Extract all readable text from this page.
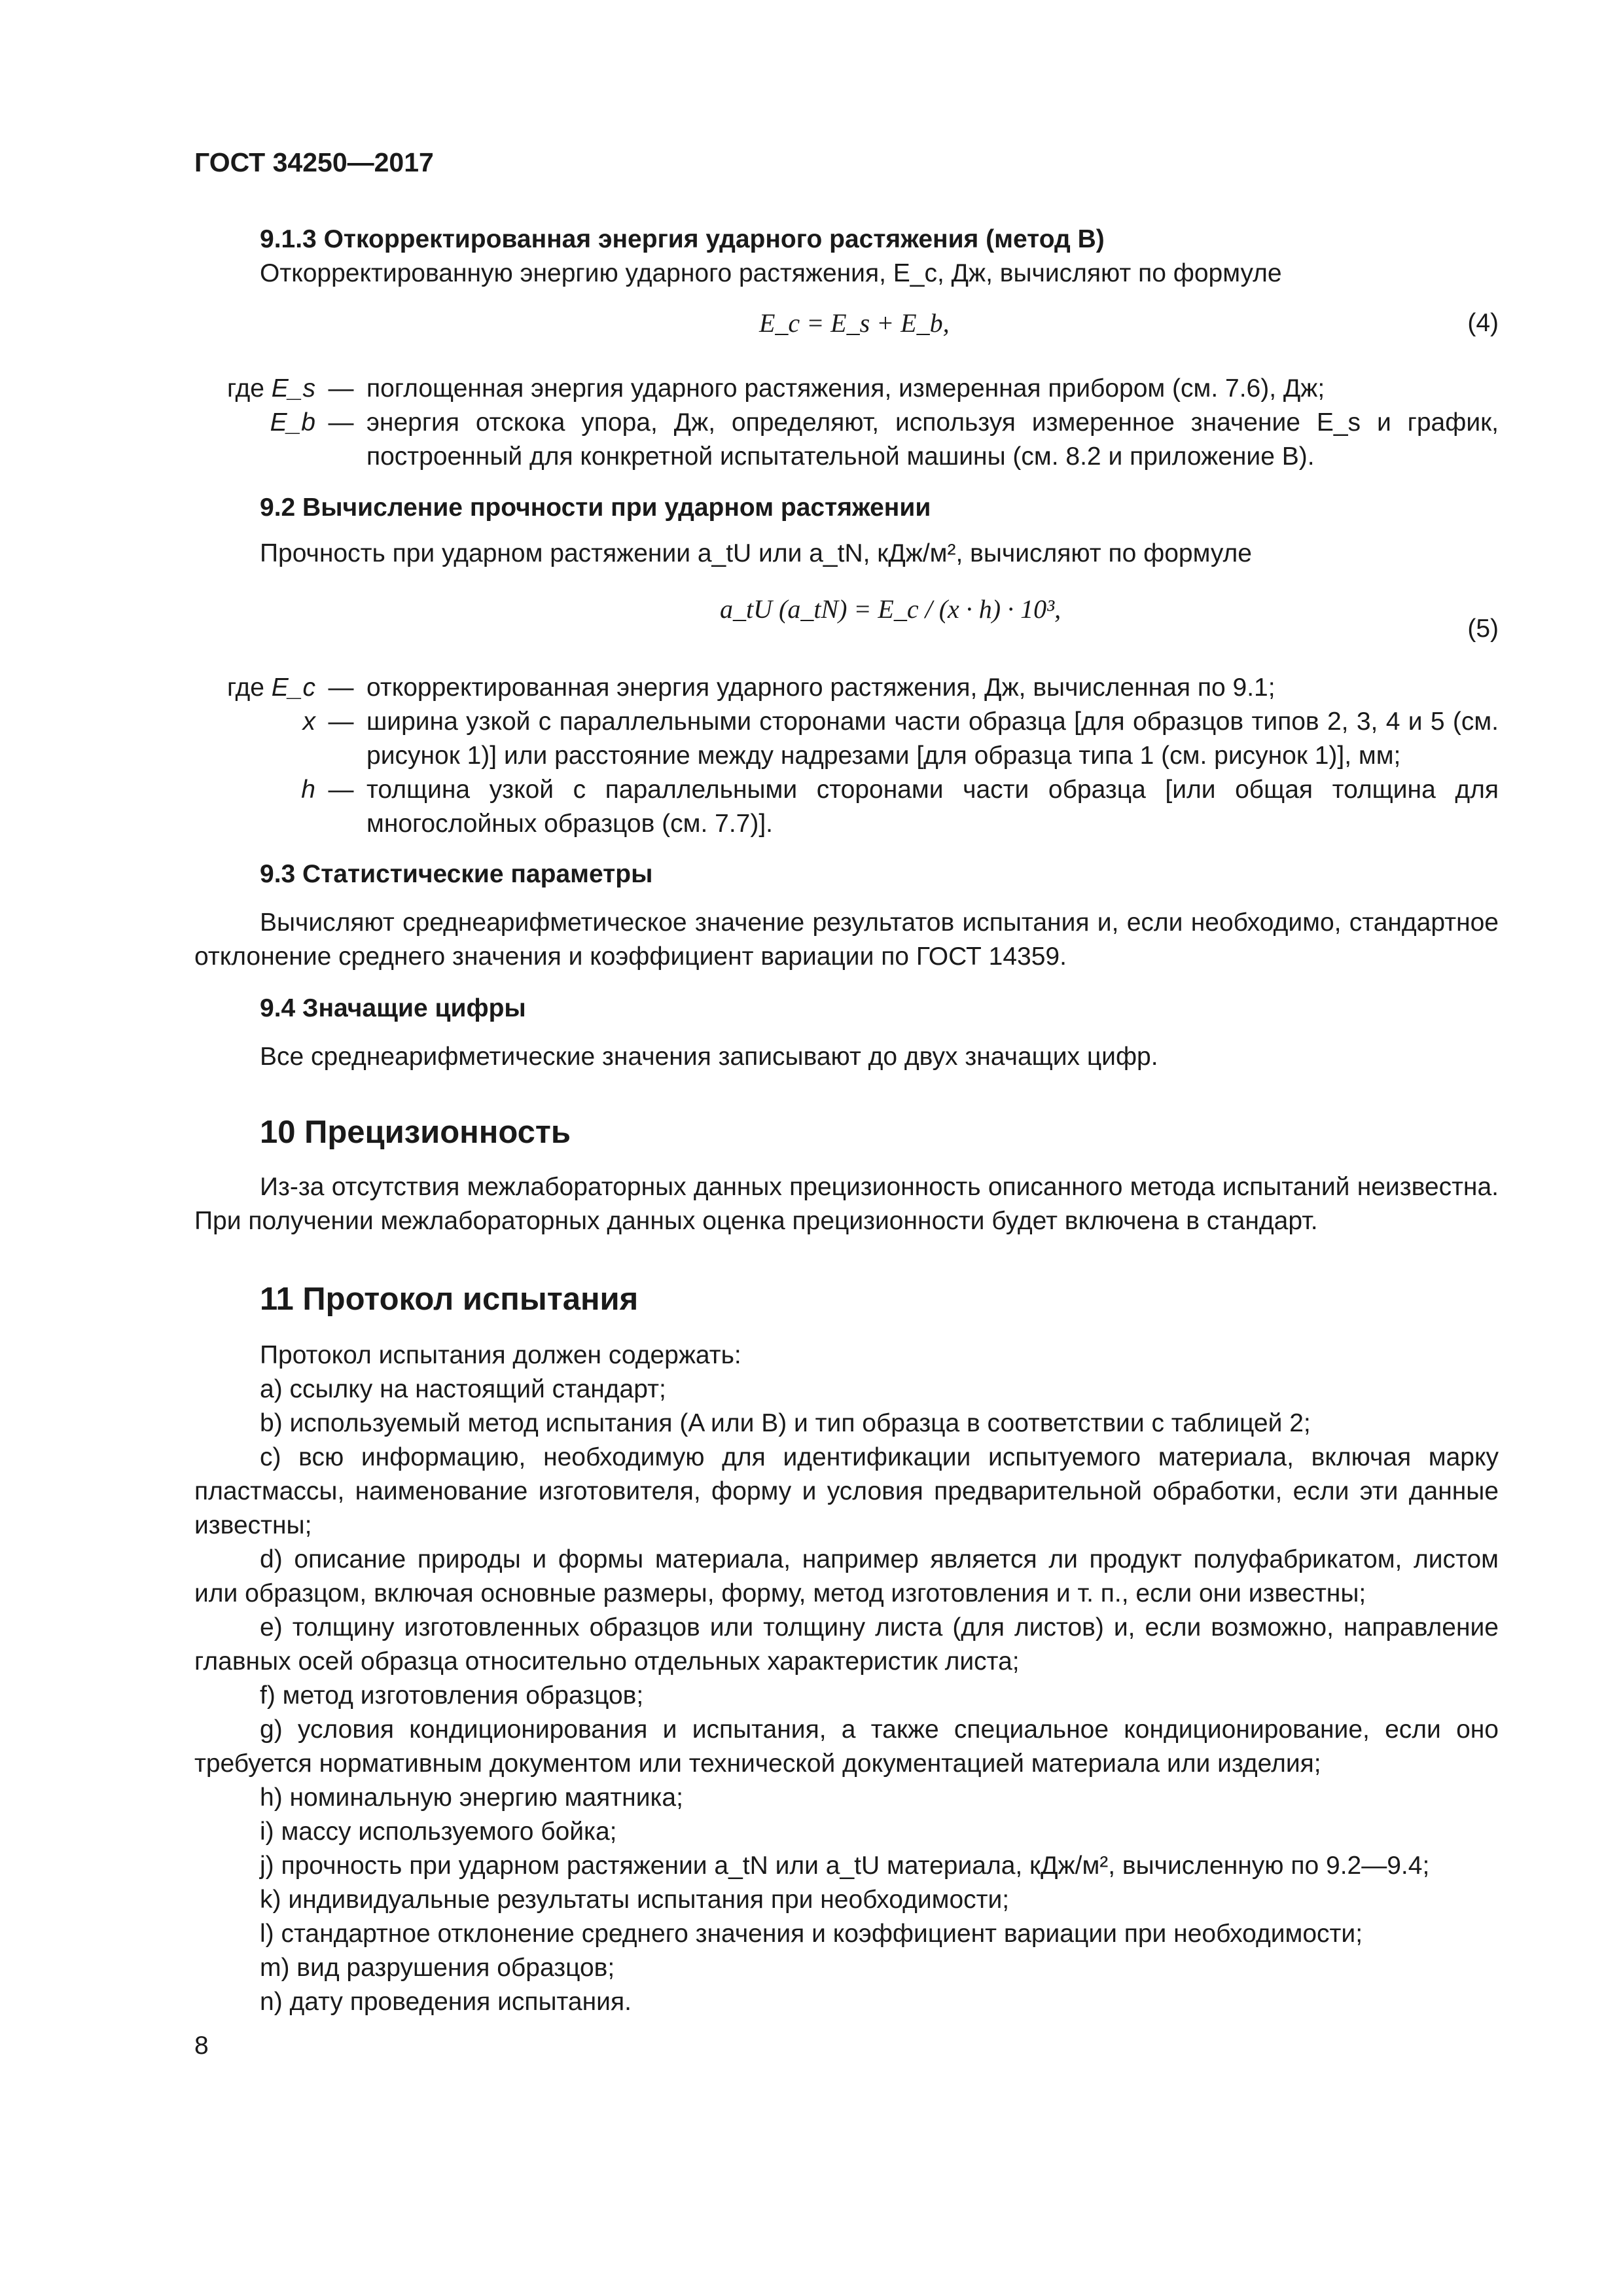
ГОСТ 34250—2017
9.1.3 Откорректированная энергия ударного растяжения (метод B)
Откорректированную энергию ударного растяжения, E_c, Дж, вычисляют по формуле
E_c = E_s + E_b,	(4)
где E_s — поглощенная энергия ударного растяжения, измеренная прибором (см. 7.6), Дж;
E_b — энергия отскока упора, Дж, определяют, используя измеренное значение E_s и график, построенный для конкретной испытательной машины (см. 8.2 и приложение B).
9.2 Вычисление прочности при ударном растяжении
Прочность при ударном растяжении a_tU или a_tN, кДж/м², вычисляют по формуле
a_tU (a_tN) = E_c / (x · h) · 10³,
(5)
где E_c — откорректированная энергия ударного растяжения, Дж, вычисленная по 9.1;
x — ширина узкой с параллельными сторонами части образца [для образцов типов 2, 3, 4 и 5 (см. рисунок 1)] или расстояние между надрезами [для образца типа 1 (см. рисунок 1)], мм;
h — толщина узкой с параллельными сторонами части образца [или общая толщина для многослойных образцов (см. 7.7)].
9.3 Статистические параметры
Вычисляют среднеарифметическое значение результатов испытания и, если необходимо, стандартное отклонение среднего значения и коэффициент вариации по ГОСТ 14359.
9.4 Значащие цифры
Все среднеарифметические значения записывают до двух значащих цифр.
10 Прецизионность
Из-за отсутствия межлабораторных данных прецизионность описанного метода испытаний неизвестна. При получении межлабораторных данных оценка прецизионности будет включена в стандарт.
11 Протокол испытания
Протокол испытания должен содержать:
a) ссылку на настоящий стандарт;
b) используемый метод испытания (A или B) и тип образца в соответствии с таблицей 2;
c) всю информацию, необходимую для идентификации испытуемого материала, включая марку пластмассы, наименование изготовителя, форму и условия предварительной обработки, если эти данные известны;
d) описание природы и формы материала, например является ли продукт полуфабрикатом, листом или образцом, включая основные размеры, форму, метод изготовления и т. п., если они известны;
e) толщину изготовленных образцов или толщину листа (для листов) и, если возможно, направление главных осей образца относительно отдельных характеристик листа;
f) метод изготовления образцов;
g) условия кондиционирования и испытания, а также специальное кондиционирование, если оно требуется нормативным документом или технической документацией материала или изделия;
h) номинальную энергию маятника;
i) массу используемого бойка;
j) прочность при ударном растяжении a_tN или a_tU материала, кДж/м², вычисленную по 9.2—9.4;
k) индивидуальные результаты испытания при необходимости;
l) стандартное отклонение среднего значения и коэффициент вариации при необходимости;
m) вид разрушения образцов;
n) дату проведения испытания.
8
